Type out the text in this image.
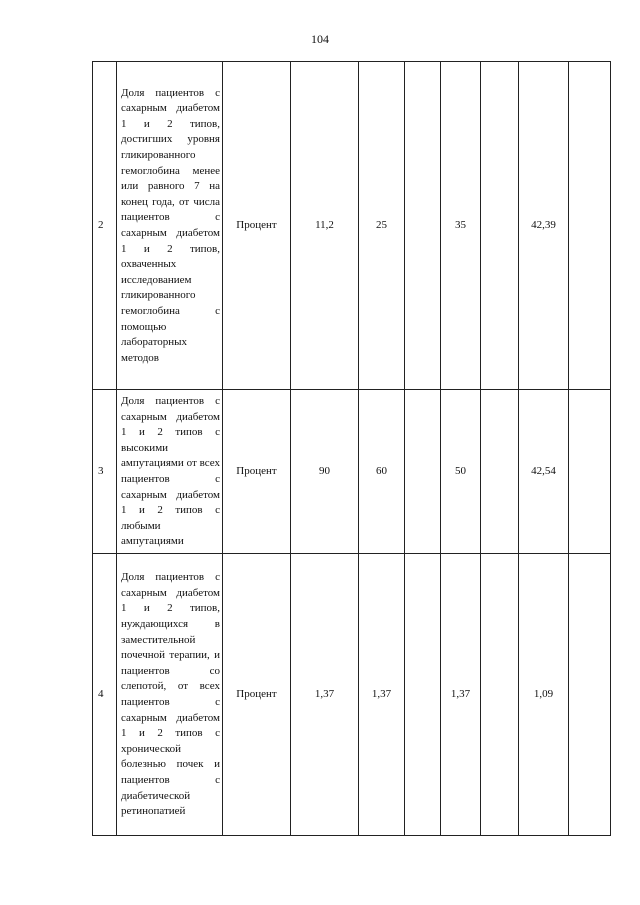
104
2	Доля пациентов с сахарным диабетом 1 и 2 типов, достигших уровня гликированного гемоглобина менее или равного 7 на конец года, от числа пациентов с сахарным диабетом 1 и 2 типов, охваченных исследованием гликированного гемоглобина с помощью лабораторных методов	Процент	11,2	25		35		42,39	
3	Доля пациентов с сахарным диабетом 1 и 2 типов с высокими ампутациями от всех пациентов с сахарным диабетом 1 и 2 типов с любыми ампутациями	Процент	90	60		50		42,54	
4	Доля пациентов с сахарным диабетом 1 и 2 типов, нуждающихся в заместительной почечной терапии, и пациентов со слепотой, от всех пациентов с сахарным диабетом 1 и 2 типов с хронической болезнью почек и пациентов с диабетической ретинопатией	Процент	1,37	1,37		1,37		1,09	
